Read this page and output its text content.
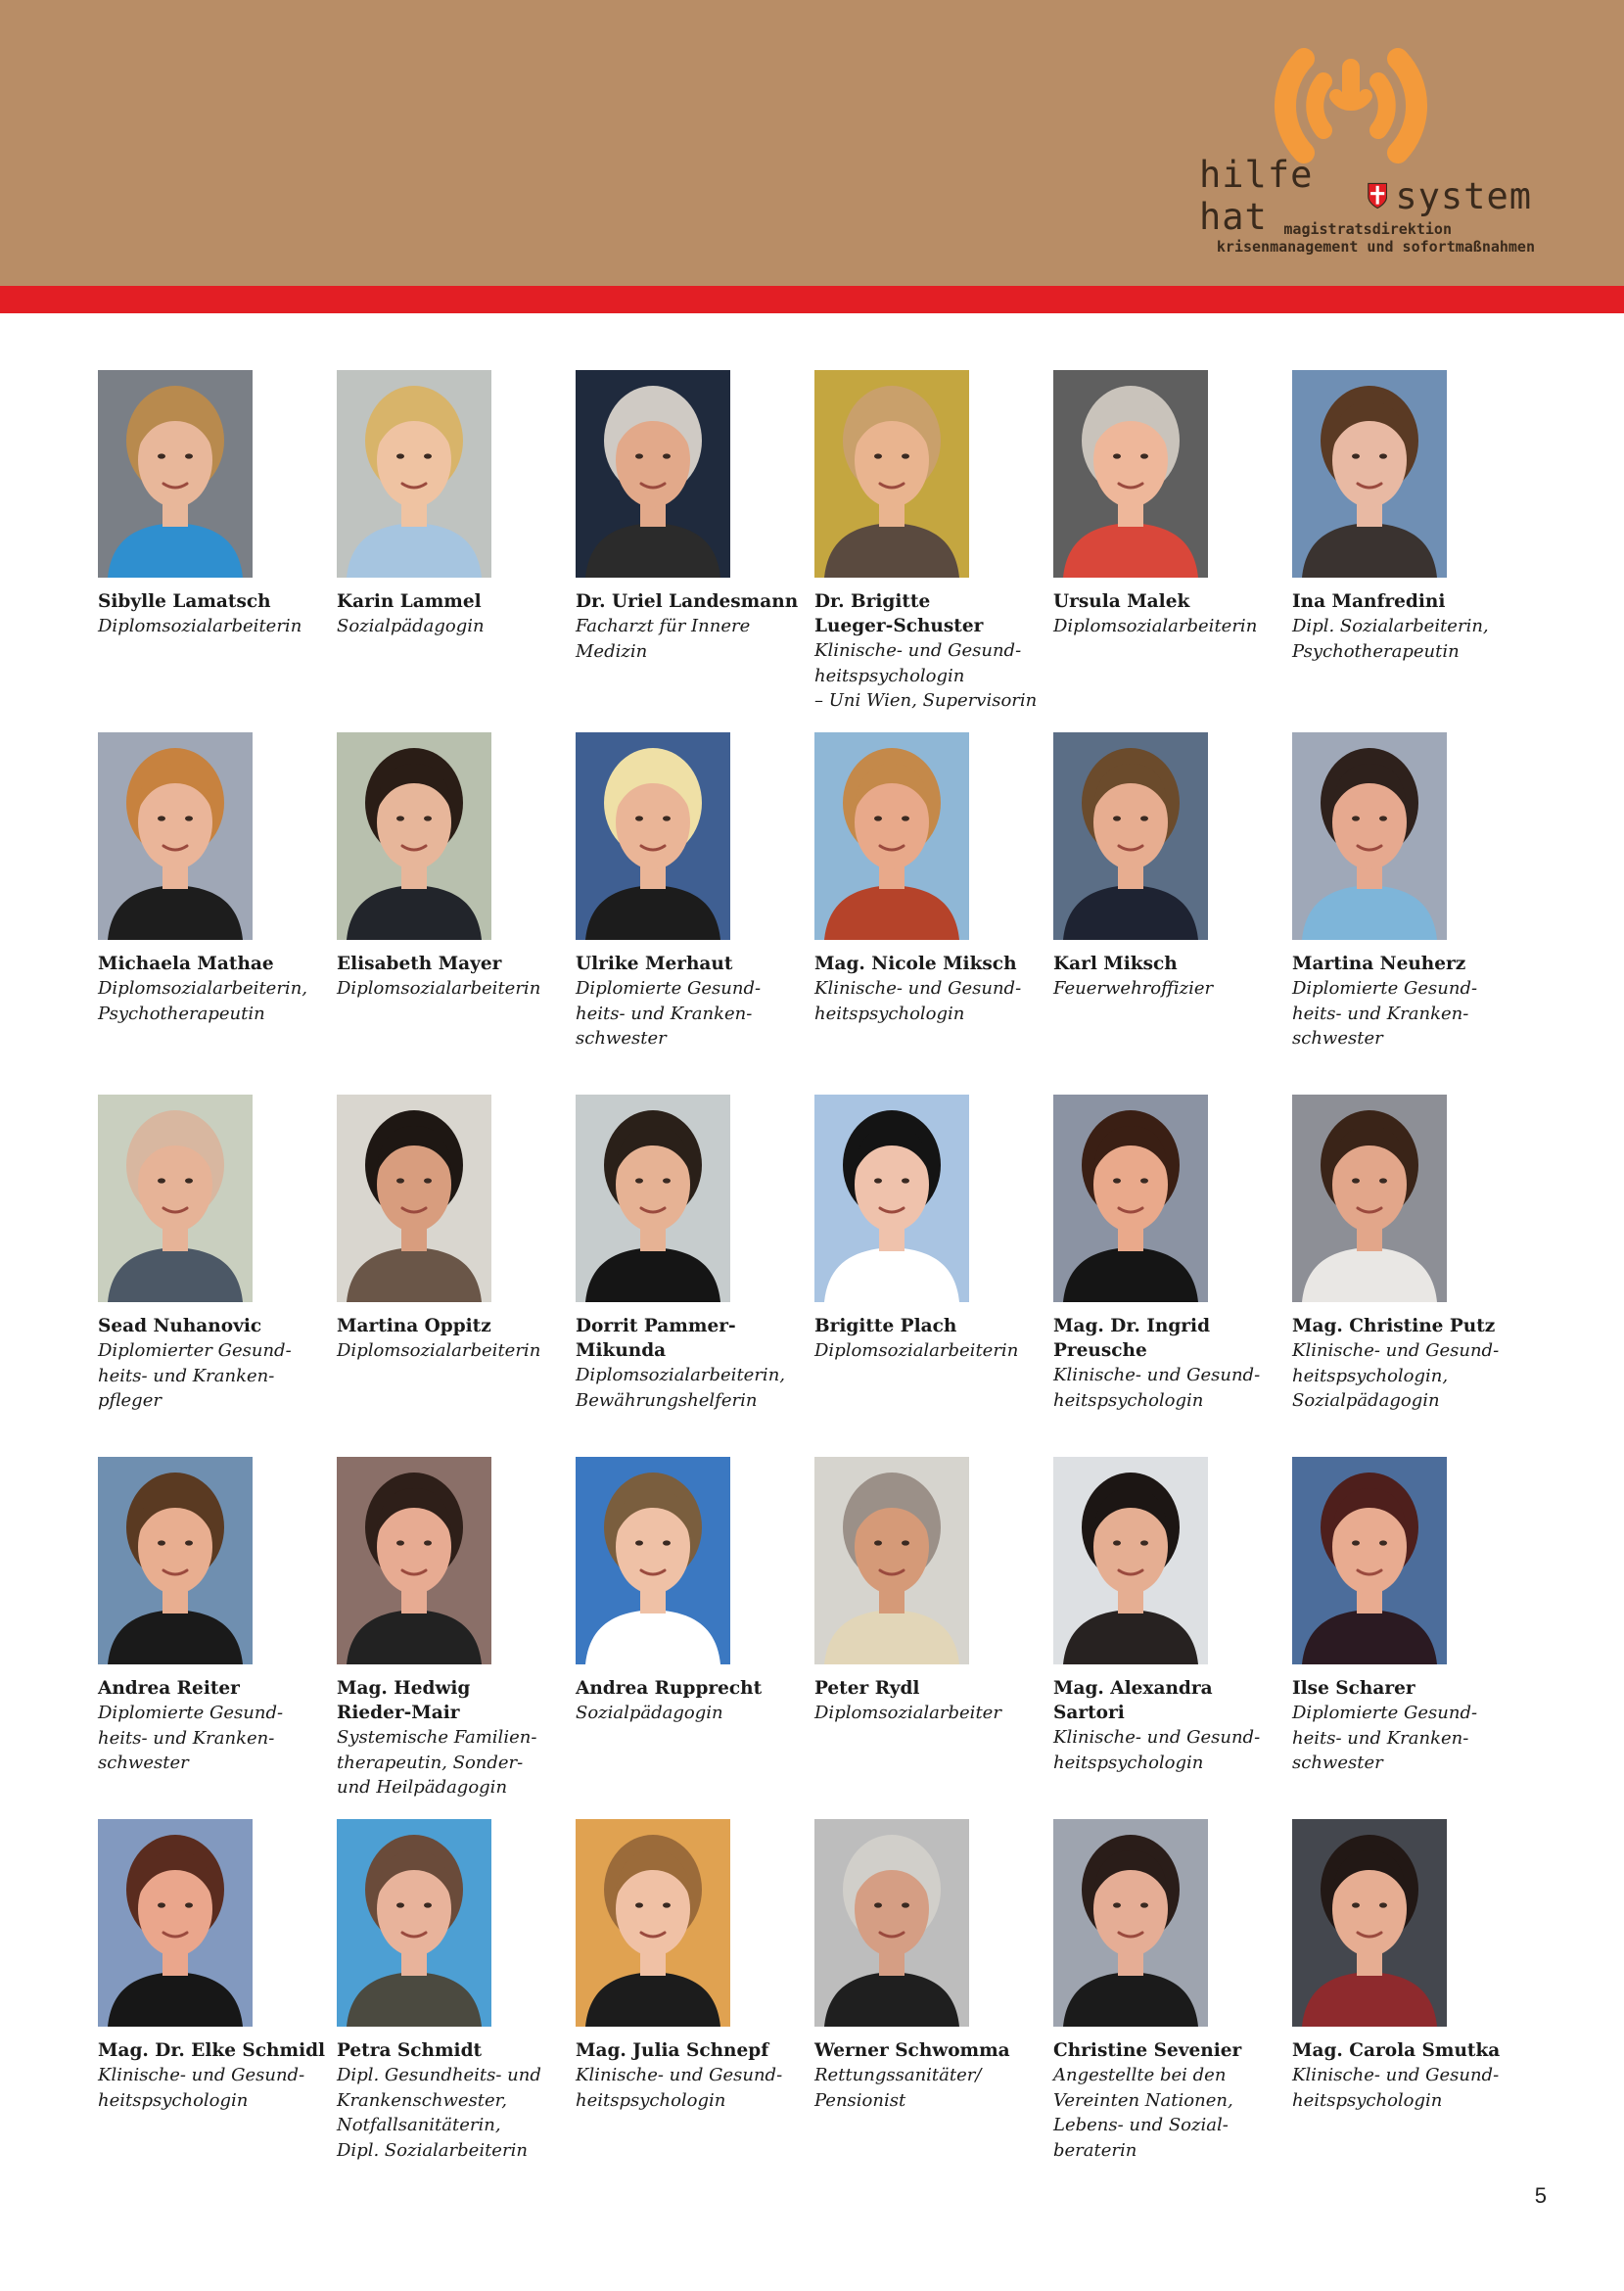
hilfe hat	system
magistratsdirektion
krisenmanagement und sofortmaßnahmen
Sibylle Lamatsch
Diplomsozialarbeiterin
Karin Lammel
Sozialpädagogin
Dr. Uriel Landesmann
Facharzt für Innere
Medizin
Dr. Brigitte
Lueger-Schuster
Klinische- und Gesund-
heitspsychologin
– Uni Wien, Supervisorin
Ursula Malek
Diplomsozialarbeiterin
Ina Manfredini
Dipl. Sozialarbeiterin,
Psychotherapeutin
Michaela Mathae
Diplomsozialarbeiterin,
Psychotherapeutin
Elisabeth Mayer
Diplomsozialarbeiterin
Ulrike Merhaut
Diplomierte Gesund-
heits- und Kranken-
schwester
Mag. Nicole Miksch
Klinische- und Gesund-
heitspsychologin
Karl Miksch
Feuerwehroffizier
Martina Neuherz
Diplomierte Gesund-
heits- und Kranken-
schwester
Sead Nuhanovic
Diplomierter Gesund-
heits- und Kranken-
pfleger
Martina Oppitz
Diplomsozialarbeiterin
Dorrit Pammer-Mikunda
Diplomsozialarbeiterin,
Bewährungshelferin
Brigitte Plach
Diplomsozialarbeiterin
Mag. Dr. Ingrid
Preusche
Klinische- und Gesund-
heitspsychologin
Mag. Christine Putz
Klinische- und Gesund-
heitspsychologin,
Sozialpädagogin
Andrea Reiter
Diplomierte Gesund-
heits- und Kranken-
schwester
Mag. Hedwig
Rieder-Mair
Systemische Familien-
therapeutin, Sonder-
und Heilpädagogin
Andrea Rupprecht
Sozialpädagogin
Peter Rydl
Diplomsozialarbeiter
Mag. Alexandra Sartori
Klinische- und Gesund-
heitspsychologin
Ilse Scharer
Diplomierte Gesund-
heits- und Kranken-
schwester
Mag. Dr. Elke Schmidl
Klinische- und Gesund-
heitspsychologin
Petra Schmidt
Dipl. Gesundheits- und
Krankenschwester,
Notfallsanitäterin,
Dipl. Sozialarbeiterin
Mag. Julia Schnepf
Klinische- und Gesund-
heitspsychologin
Werner Schwomma
Rettungssanitäter/
Pensionist
Christine Sevenier
Angestellte bei den
Vereinten Nationen,
Lebens- und Sozial-
beraterin
Mag. Carola Smutka
Klinische- und Gesund-
heitspsychologin
5
